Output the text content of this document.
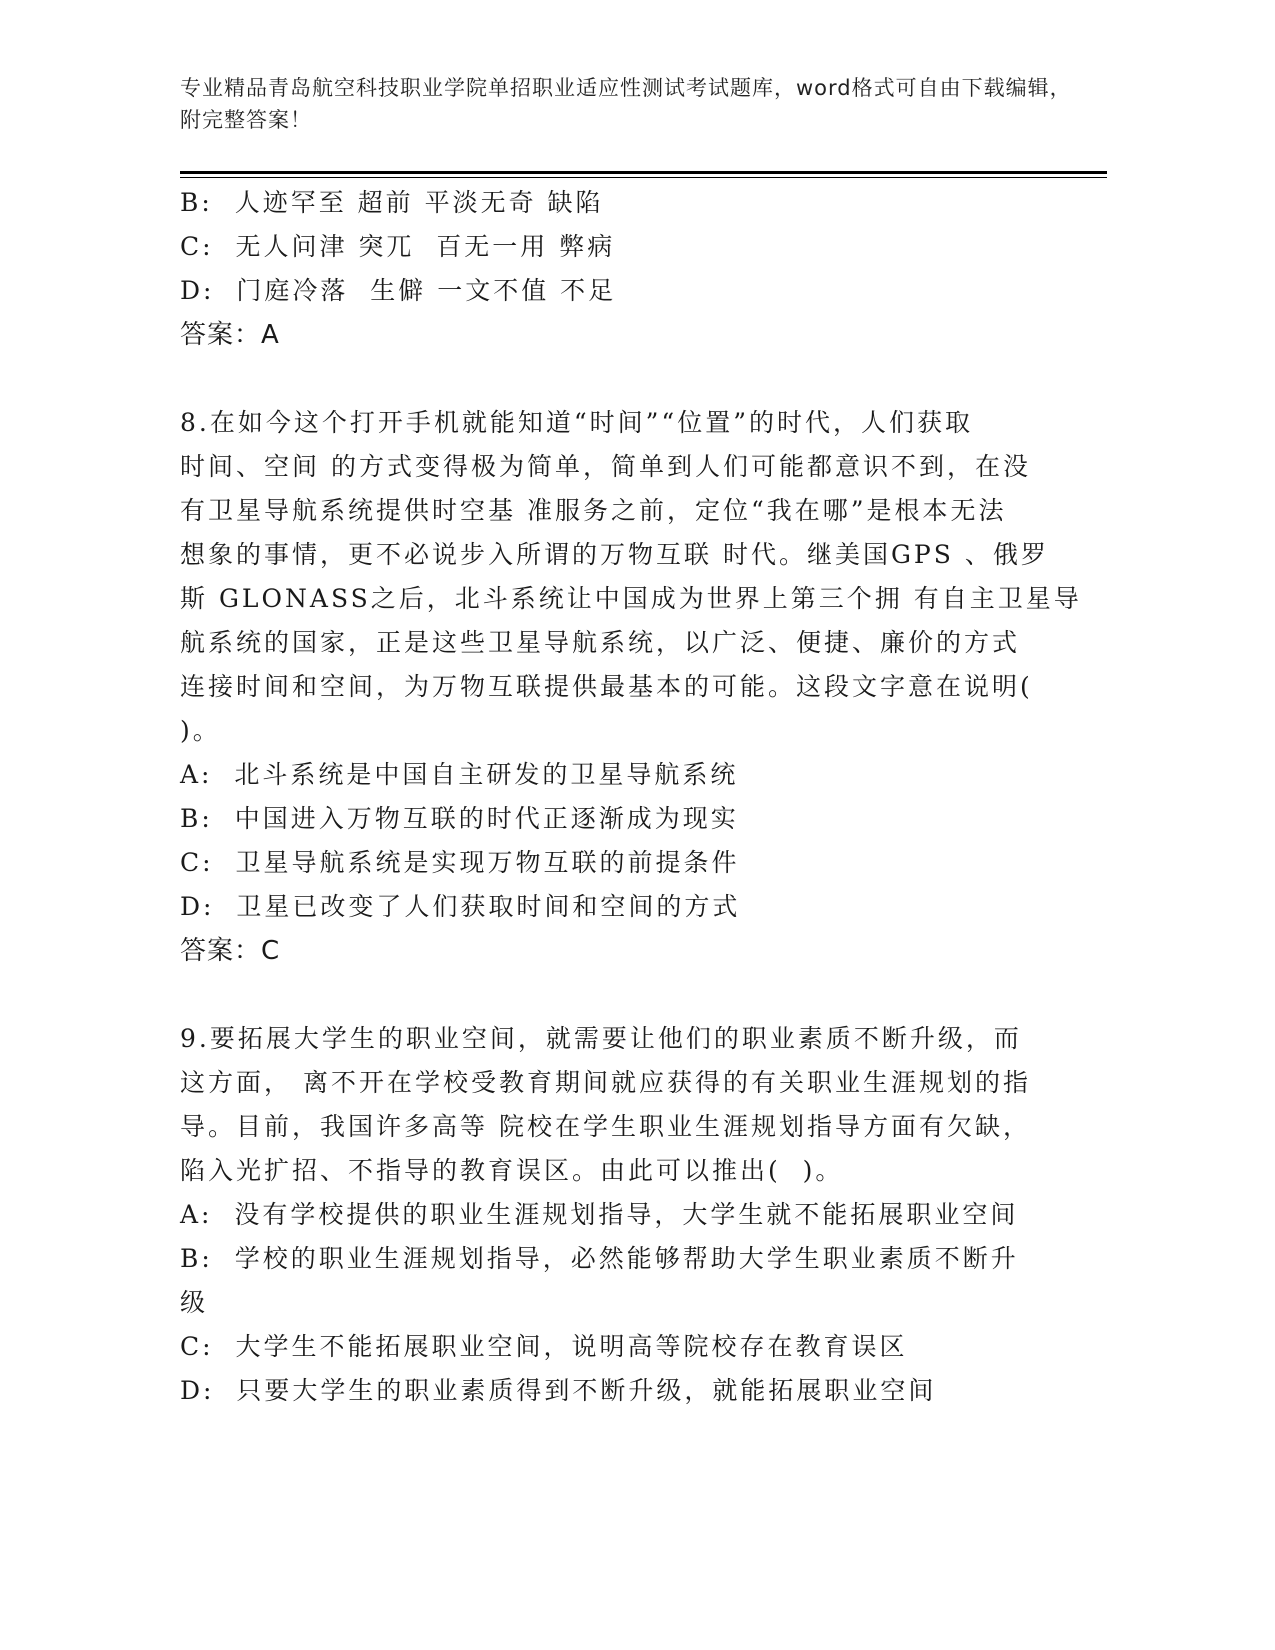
专业精品青岛航空科技职业学院单招职业适应性测试考试题库，word格式可自由下载编辑，附完整答案！
B:  人迹罕至 超前 平淡无奇 缺陷
C:  无人问津 突兀  百无一用 弊病
D:  门庭冷落  生僻 一文不值 不足
答案：A
8.在如今这个打开手机就能知道“时间”“位置”的时代，人们获取
时间、空间 的方式变得极为简单，简单到人们可能都意识不到，在没
有卫星导航系统提供时空基 准服务之前，定位“我在哪”是根本无法
想象的事情，更不必说步入所谓的万物互联 时代。继美国GPS 、俄罗
斯 GLONASS之后，北斗系统让中国成为世界上第三个拥 有自主卫星导
航系统的国家，正是这些卫星导航系统，以广泛、便捷、廉价的方式
连接时间和空间，为万物互联提供最基本的可能。这段文字意在说明(
)。
A:  北斗系统是中国自主研发的卫星导航系统
B:  中国进入万物互联的时代正逐渐成为现实
C:  卫星导航系统是实现万物互联的前提条件
D:  卫星已改变了人们获取时间和空间的方式
答案：C
9.要拓展大学生的职业空间，就需要让他们的职业素质不断升级，而
这方面， 离不开在学校受教育期间就应获得的有关职业生涯规划的指
导。目前，我国许多高等 院校在学生职业生涯规划指导方面有欠缺，
陷入光扩招、不指导的教育误区。由此可以推出(  )。
A:  没有学校提供的职业生涯规划指导，大学生就不能拓展职业空间
B:  学校的职业生涯规划指导，必然能够帮助大学生职业素质不断升
级
C:  大学生不能拓展职业空间，说明高等院校存在教育误区
D:  只要大学生的职业素质得到不断升级，就能拓展职业空间
